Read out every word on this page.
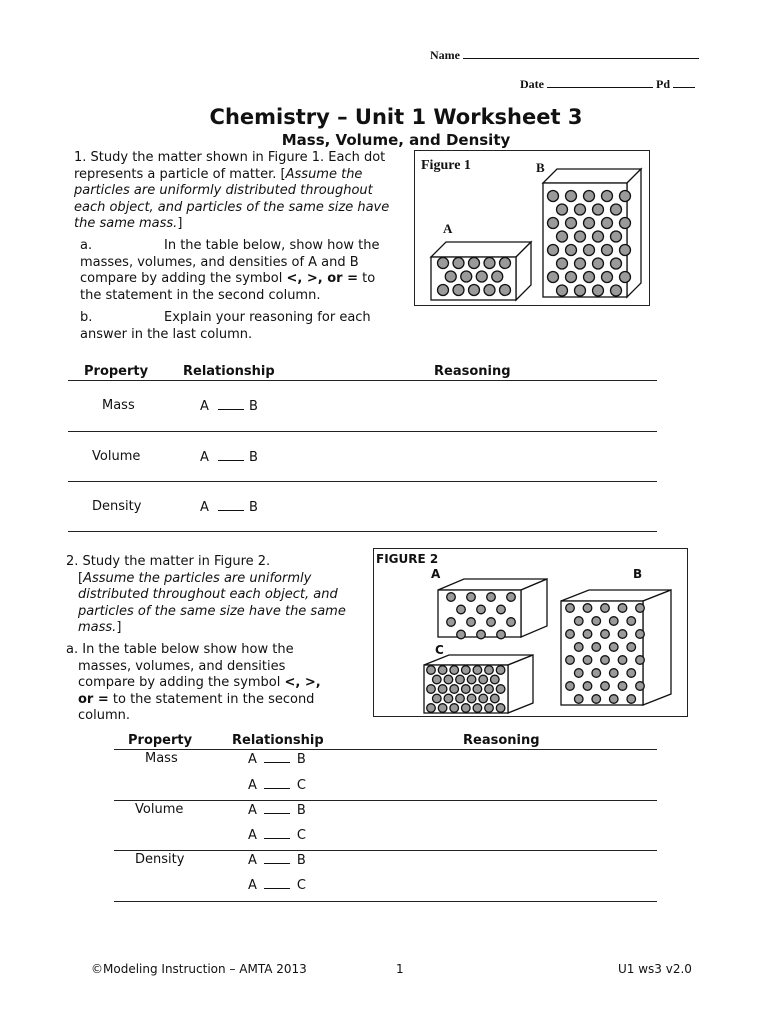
Name
Date	Pd
Chemistry – Unit 1 Worksheet 3
Mass, Volume, and Density
1. Study the matter shown in Figure 1. Each dot represents a particle of matter. [Assume the particles are uniformly distributed throughout each object, and particles of the same size have the same mass.]
a.	In the table below, show how the masses, volumes, and densities of A and B compare by adding the symbol <, >, or = to the statement in the second column.
b.	Explain your reasoning for each answer in the last column.
Figure 1
A
B
Property	Relationship	Reasoning
Mass	A	B
Volume	A	B
Density	A	B
2. Study the matter in Figure 2.
[Assume the particles are uniformly distributed throughout each object, and particles of the same size have the same mass.]
a. In the table below show how the masses, volumes, and densities compare by adding the symbol <, >, or = to the statement in the second column.
FIGURE 2
A	B
C
Property	Relationship	Reasoning
Mass	A	B
A	C
Volume	A	B
A	C
Density	A	B
A	C
©Modeling Instruction – AMTA 2013	1	U1 ws3 v2.0
